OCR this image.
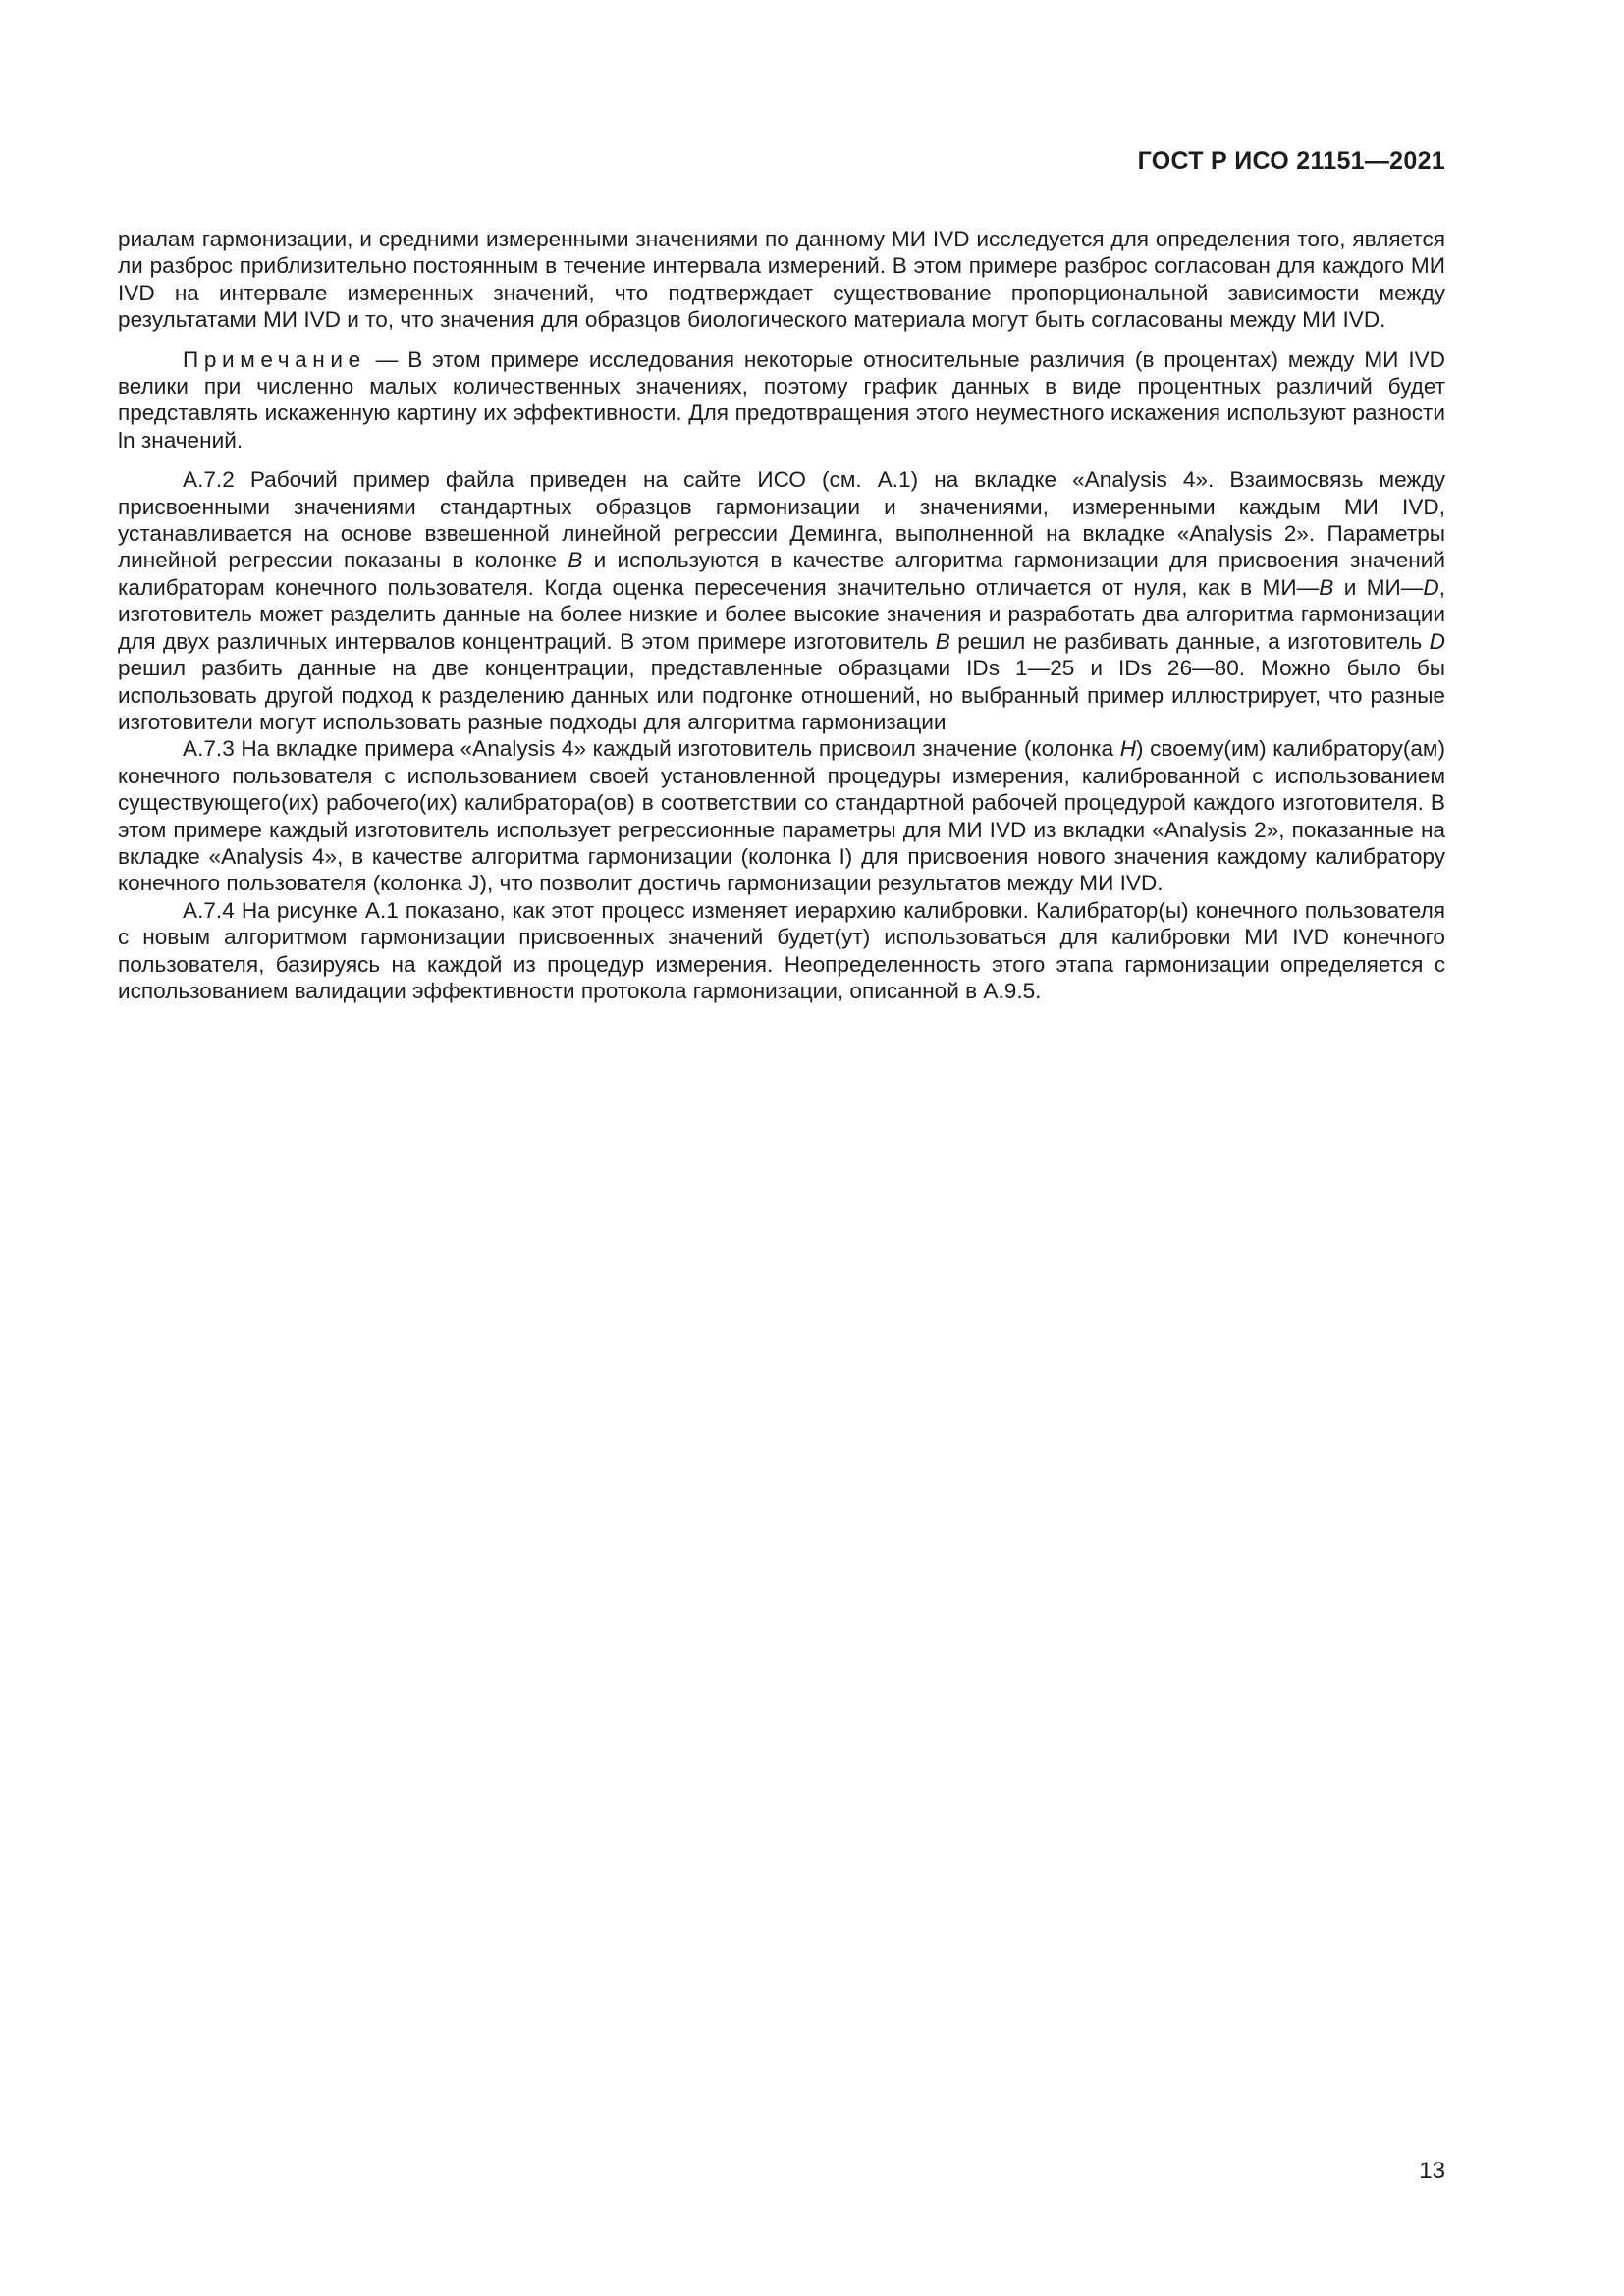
ГОСТ Р ИСО 21151—2021

риалам гармонизации, и средними измеренными значениями по данному МИ IVD исследуется для определения того, является ли разброс приблизительно постоянным в течение интервала измерений. В этом примере разброс согласован для каждого МИ IVD на интервале измеренных значений, что подтверждает существование пропорциональной зависимости между результатами МИ IVD и то, что значения для образцов биологического материала могут быть согласованы между МИ IVD.

Примечание — В этом примере исследования некоторые относительные различия (в процентах) между МИ IVD велики при численно малых количественных значениях, поэтому график данных в виде процентных различий будет представлять искаженную картину их эффективности. Для предотвращения этого неуместного искажения используют разности ln значений.

А.7.2 Рабочий пример файла приведен на сайте ИСО (см. А.1) на вкладке «Analysis 4». Взаимосвязь между присвоенными значениями стандартных образцов гармонизации и значениями, измеренными каждым МИ IVD, устанавливается на основе взвешенной линейной регрессии Деминга, выполненной на вкладке «Analysis 2». Параметры линейной регрессии показаны в колонке B и используются в качестве алгоритма гармонизации для присвоения значений калибраторам конечного пользователя. Когда оценка пересечения значительно отличается от нуля, как в МИ—B и МИ—D, изготовитель может разделить данные на более низкие и более высокие значения и разработать два алгоритма гармонизации для двух различных интервалов концентраций. В этом примере изготовитель B решил не разбивать данные, а изготовитель D решил разбить данные на две концентрации, представленные образцами IDs 1—25 и IDs 26—80. Можно было бы использовать другой подход к разделению данных или подгонке отношений, но выбранный пример иллюстрирует, что разные изготовители могут использовать разные подходы для алгоритма гармонизации

А.7.3 На вкладке примера «Analysis 4» каждый изготовитель присвоил значение (колонка H) своему(им) калибратору(ам) конечного пользователя с использованием своей установленной процедуры измерения, калиброванной с использованием существующего(их) рабочего(их) калибратора(ов) в соответствии со стандартной рабочей процедурой каждого изготовителя. В этом примере каждый изготовитель использует регрессионные параметры для МИ IVD из вкладки «Analysis 2», показанные на вкладке «Analysis 4», в качестве алгоритма гармонизации (колонка I) для присвоения нового значения каждому калибратору конечного пользователя (колонка J), что позволит достичь гармонизации результатов между МИ IVD.

А.7.4 На рисунке А.1 показано, как этот процесс изменяет иерархию калибровки. Калибратор(ы) конечного пользователя с новым алгоритмом гармонизации присвоенных значений будет(ут) использоваться для калибровки МИ IVD конечного пользователя, базируясь на каждой из процедур измерения. Неопределенность этого этапа гармонизации определяется с использованием валидации эффективности протокола гармонизации, описанной в А.9.5.

13
